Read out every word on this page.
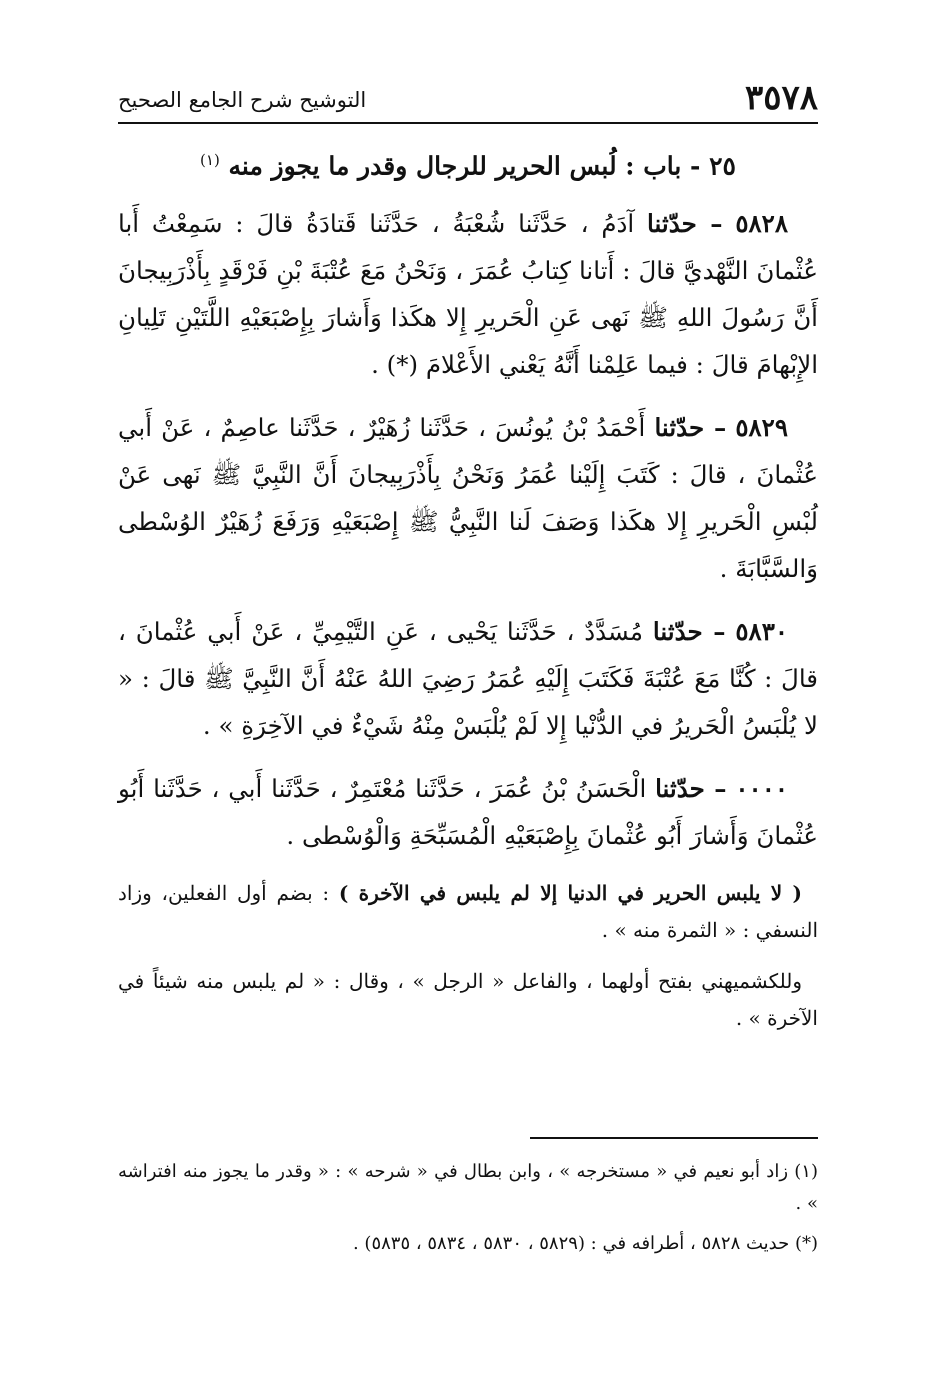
٣٥٧٨
التوشيح شرح الجامع الصحيح
٢٥ - باب : لُبس الحرير للرجال وقدر ما يجوز منه $^{(١)}$

٥٨٢٨ – حدّثنا آدَمُ ، حَدَّثَنا شُعْبَةُ ، حَدَّثَنا قَتادَةُ قالَ : سَمِعْتُ أَبا عُثْمانَ النَّهْديَّ قالَ : أَتانا كِتابُ عُمَرَ ، وَنَحْنُ مَعَ عُتْبَةَ بْنِ فَرْقَدٍ بِأَذْرَبِيجانَ أَنَّ رَسُولَ اللهِ ﷺ نَهى عَنِ الْحَريرِ إِلا هكَذا وَأَشارَ بِإِصْبَعَيْهِ اللَّتَيْنِ تَلِيانِ الإِبْهامَ قالَ : فيما عَلِمْنا أَنَّهُ يَعْني الأَعْلامَ (*) .

٥٨٢٩ – حدّثنا أَحْمَدُ بْنُ يُونُسَ ، حَدَّثَنا زُهَيْرٌ ، حَدَّثَنا عاصِمٌ ، عَنْ أَبي عُثْمانَ ، قالَ : كَتَبَ إِلَيْنا عُمَرُ وَنَحْنُ بِأَذْرَبِيجانَ أَنَّ النَّبِيَّ ﷺ نَهى عَنْ لُبْسِ الْحَريرِ إِلا هكَذا وَصَفَ لَنا النَّبِيُّ ﷺ إِصْبَعَيْهِ وَرَفَعَ زُهَيْرٌ الوُسْطى وَالسَّبَّابَةَ .

٥٨٣٠ – حدّثنا مُسَدَّدٌ ، حَدَّثَنا يَحْيى ، عَنِ التَّيْمِيِّ ، عَنْ أَبي عُثْمانَ ، قالَ : كُنَّا مَعَ عُتْبَةَ فَكَتَبَ إِلَيْهِ عُمَرُ رَضِيَ اللهُ عَنْهُ أَنَّ النَّبِيَّ ﷺ قالَ : « لا يُلْبَسُ الْحَريرُ في الدُّنْيا إِلا لَمْ يُلْبَسْ مِنْهُ شَيْءٌ في الآخِرَةِ » .

٠٠٠٠ – حدّثنا الْحَسَنُ بْنُ عُمَرَ ، حَدَّثَنا مُعْتَمِرٌ ، حَدَّثَنا أَبي ، حَدَّثَنا أَبُو عُثْمانَ وَأَشارَ أَبُو عُثْمانَ بِإِصْبَعَيْهِ الْمُسَبِّحَةِ وَالْوُسْطى .

( لا يلبس الحرير في الدنيا إلا لم يلبس في الآخرة ) : بضم أول الفعلين، وزاد النسفي : « الثمرة منه » .

وللكشميهني بفتح أولهما ، والفاعل « الرجل » ، وقال : « لم يلبس منه شيئاً في الآخرة » .

(١) زاد أبو نعيم في « مستخرجه » ، وابن بطال في « شرحه » : « وقدر ما يجوز منه افتراشه » .

(*) حديث ٥٨٢٨ ، أطرافه في : (٥٨٢٩ ، ٥٨٣٠ ، ٥٨٣٤ ، ٥٨٣٥) .
